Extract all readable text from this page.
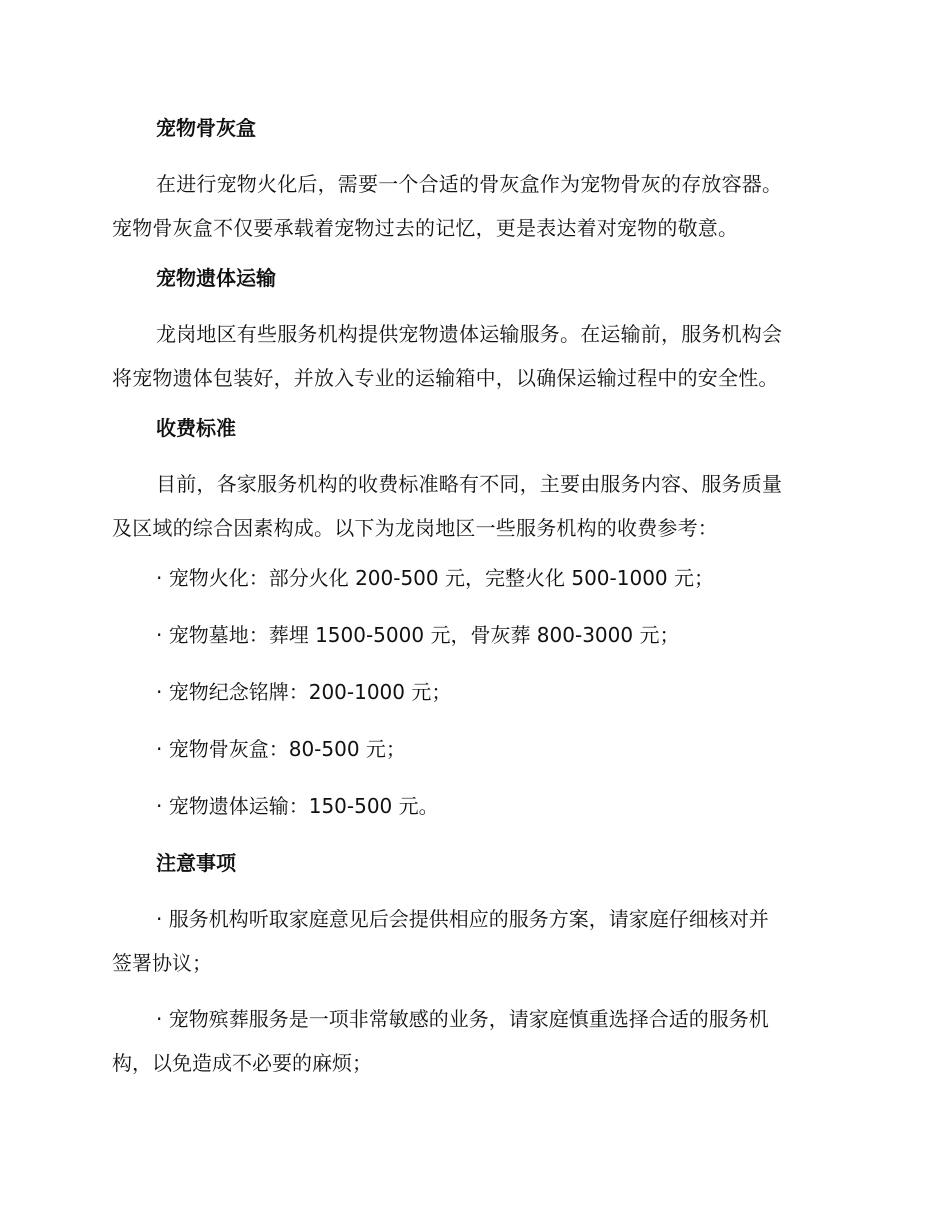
宠物骨灰盒
在进行宠物火化后，需要一个合适的骨灰盒作为宠物骨灰的存放容器。
宠物骨灰盒不仅要承载着宠物过去的记忆，更是表达着对宠物的敬意。
宠物遗体运输
龙岗地区有些服务机构提供宠物遗体运输服务。在运输前，服务机构会
将宠物遗体包装好，并放入专业的运输箱中，以确保运输过程中的安全性。
收费标准
目前，各家服务机构的收费标准略有不同，主要由服务内容、服务质量
及区域的综合因素构成。以下为龙岗地区一些服务机构的收费参考：
· 宠物火化：部分火化 200-500 元，完整火化 500-1000 元；
· 宠物墓地：葬埋 1500-5000 元，骨灰葬 800-3000 元；
· 宠物纪念铭牌：200-1000 元；
· 宠物骨灰盒：80-500 元；
· 宠物遗体运输：150-500 元。
注意事项
· 服务机构听取家庭意见后会提供相应的服务方案，请家庭仔细核对并
签署协议；
· 宠物殡葬服务是一项非常敏感的业务，请家庭慎重选择合适的服务机
构，以免造成不必要的麻烦；
